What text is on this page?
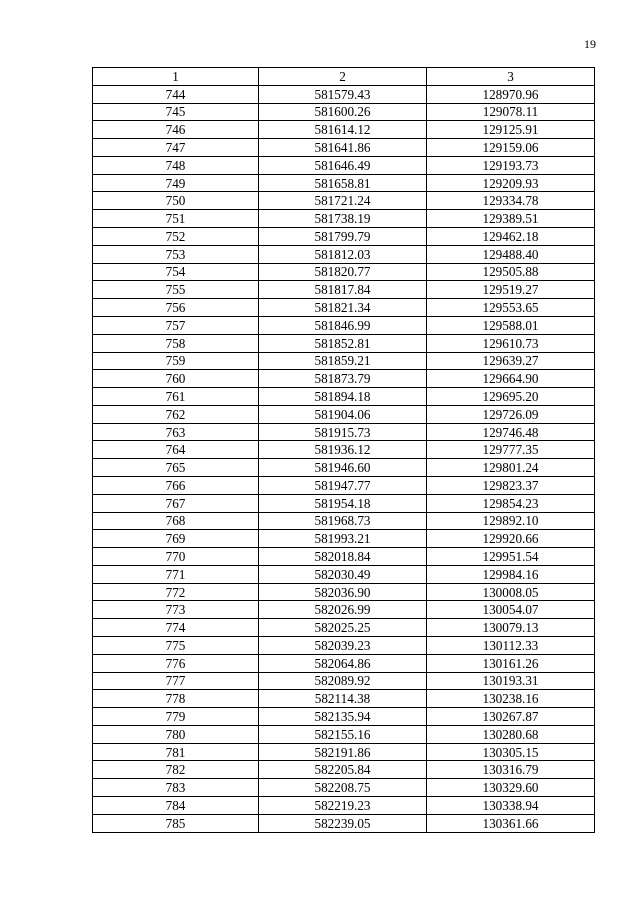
19
1	2	3
744	581579.43	128970.96
745	581600.26	129078.11
746	581614.12	129125.91
747	581641.86	129159.06
748	581646.49	129193.73
749	581658.81	129209.93
750	581721.24	129334.78
751	581738.19	129389.51
752	581799.79	129462.18
753	581812.03	129488.40
754	581820.77	129505.88
755	581817.84	129519.27
756	581821.34	129553.65
757	581846.99	129588.01
758	581852.81	129610.73
759	581859.21	129639.27
760	581873.79	129664.90
761	581894.18	129695.20
762	581904.06	129726.09
763	581915.73	129746.48
764	581936.12	129777.35
765	581946.60	129801.24
766	581947.77	129823.37
767	581954.18	129854.23
768	581968.73	129892.10
769	581993.21	129920.66
770	582018.84	129951.54
771	582030.49	129984.16
772	582036.90	130008.05
773	582026.99	130054.07
774	582025.25	130079.13
775	582039.23	130112.33
776	582064.86	130161.26
777	582089.92	130193.31
778	582114.38	130238.16
779	582135.94	130267.87
780	582155.16	130280.68
781	582191.86	130305.15
782	582205.84	130316.79
783	582208.75	130329.60
784	582219.23	130338.94
785	582239.05	130361.66
